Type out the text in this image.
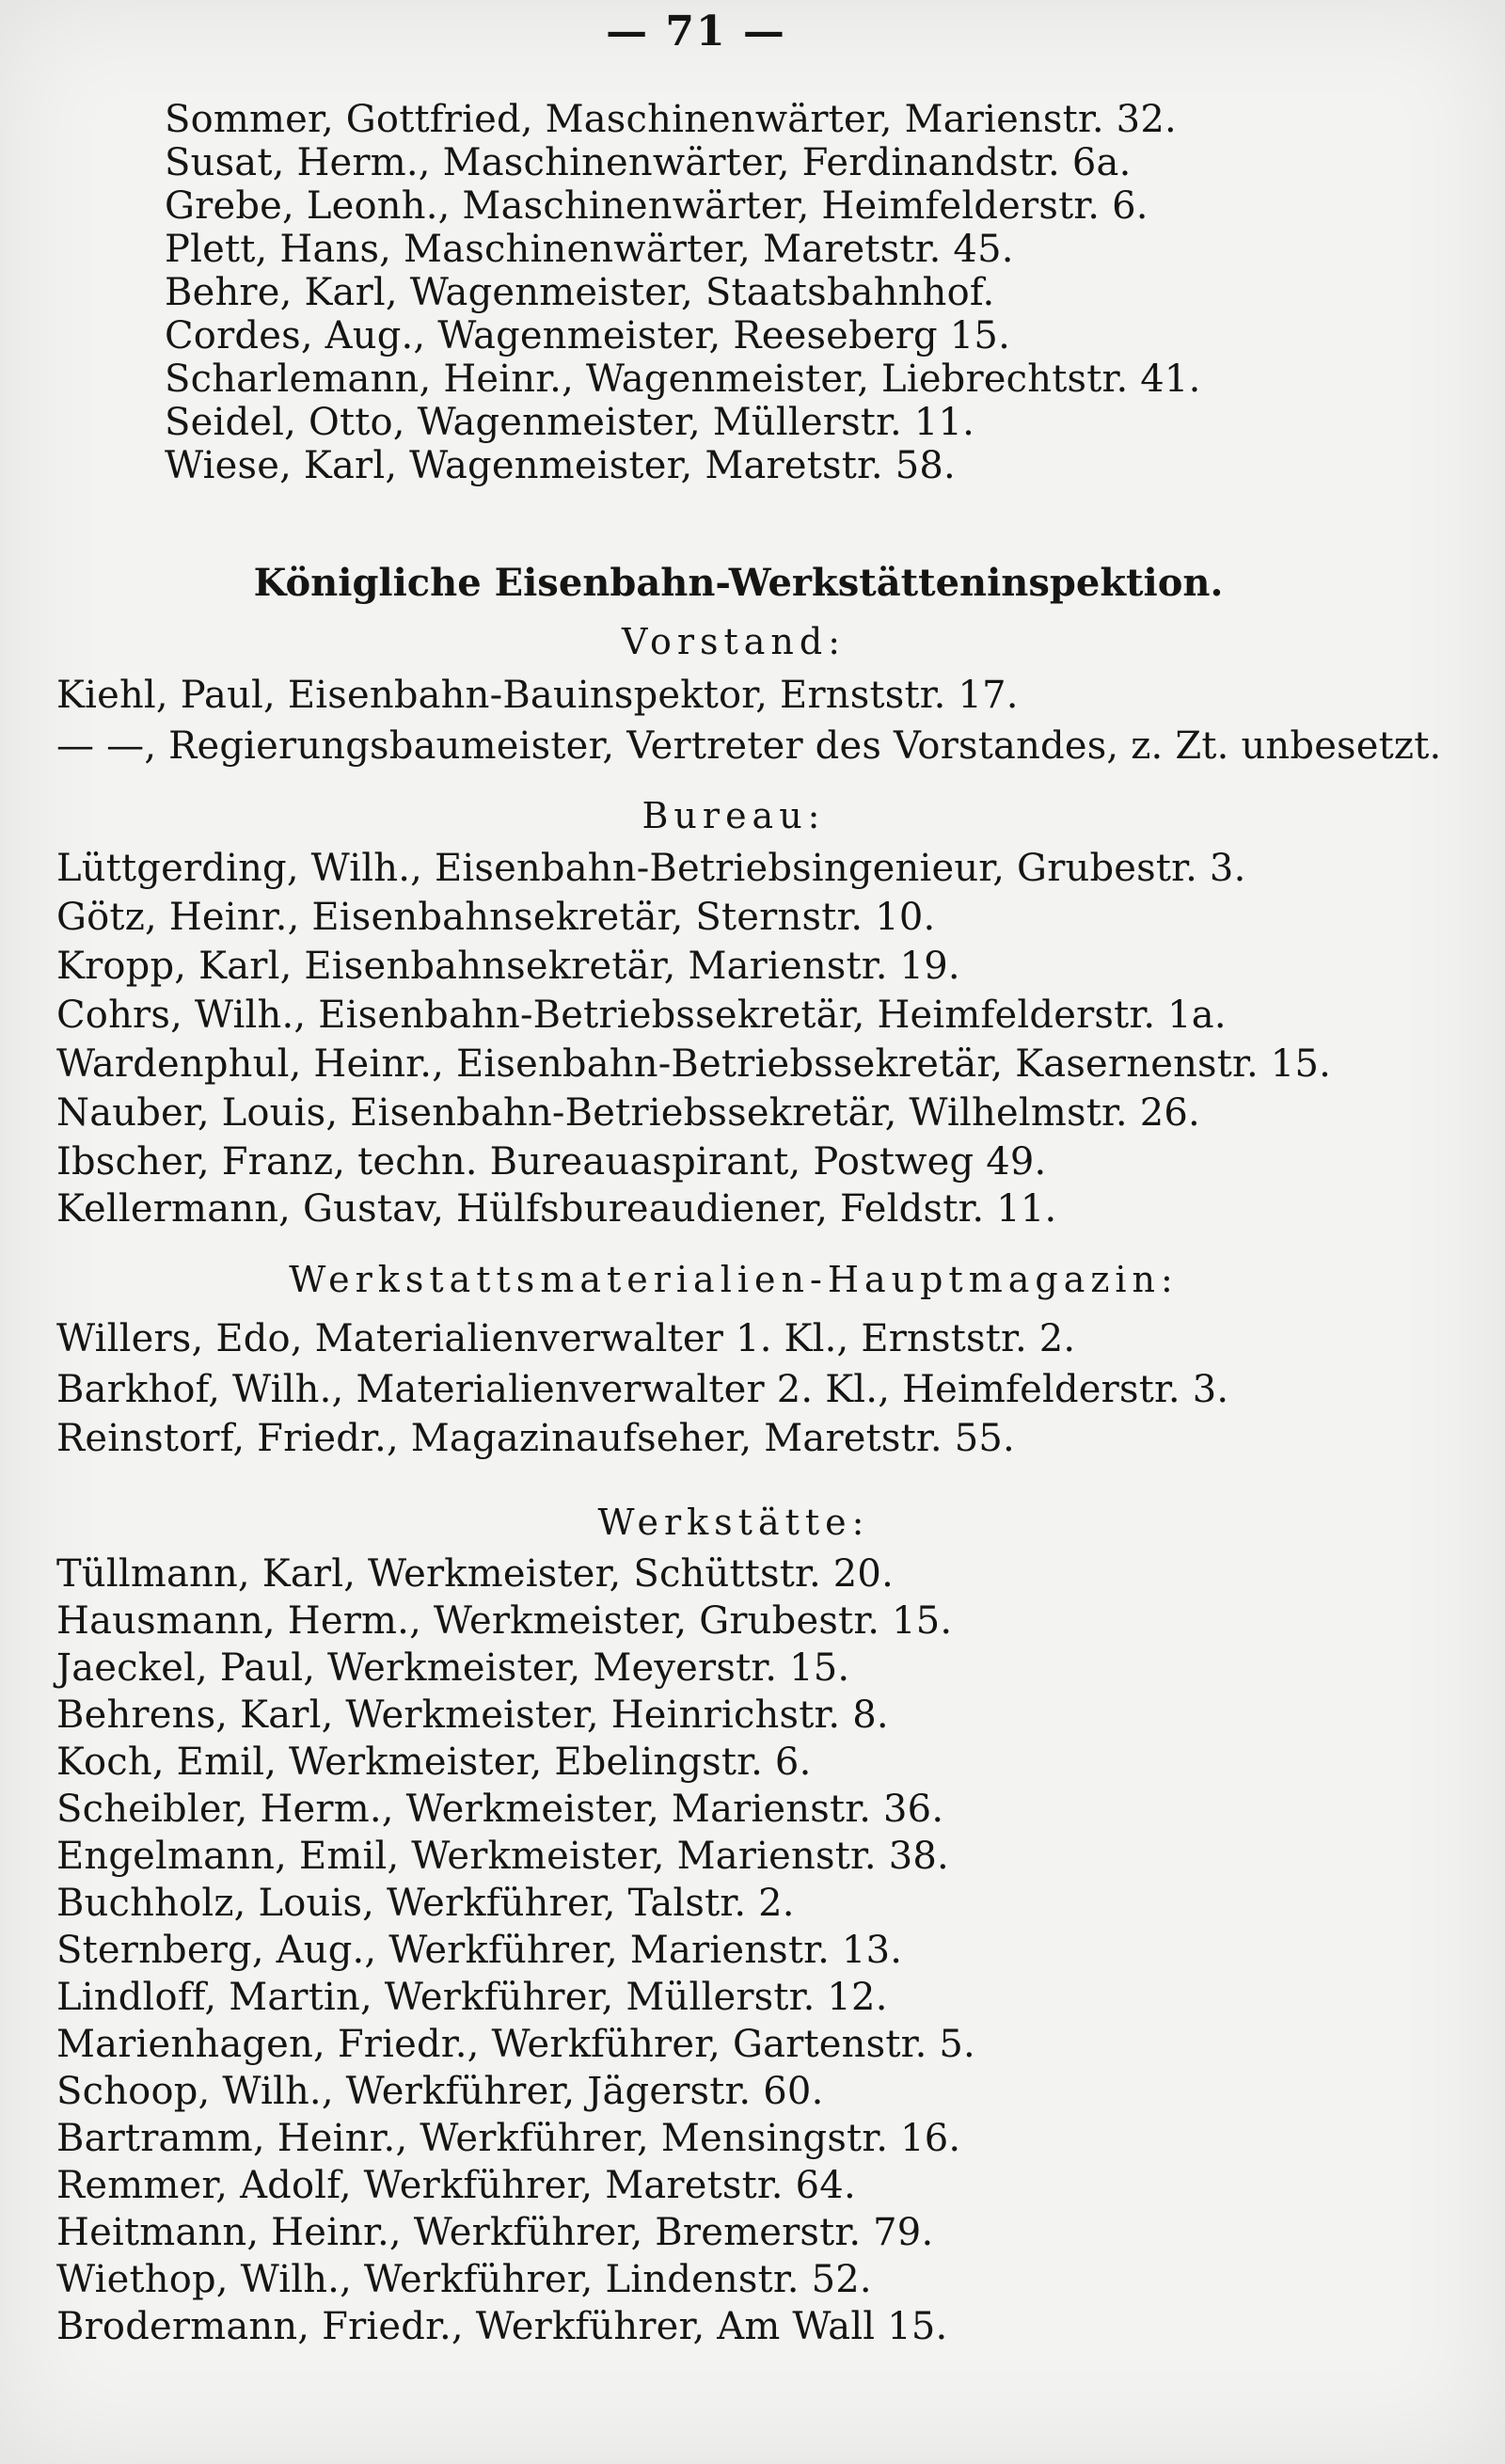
— 71 —
Sommer, Gottfried, Maschinenwärter, Marienstr. 32.
Susat, Herm., Maschinenwärter, Ferdinandstr. 6a.
Grebe, Leonh., Maschinenwärter, Heimfelderstr. 6.
Plett, Hans, Maschinenwärter, Maretstr. 45.
Behre, Karl, Wagenmeister, Staatsbahnhof.
Cordes, Aug., Wagenmeister, Reeseberg 15.
Scharlemann, Heinr., Wagenmeister, Liebrechtstr. 41.
Seidel, Otto, Wagenmeister, Müllerstr. 11.
Wiese, Karl, Wagenmeister, Maretstr. 58.
Königliche Eisenbahn-Werkstätteninspektion.
Vorstand:
Kiehl, Paul, Eisenbahn-Bauinspektor, Ernststr. 17.
— —, Regierungsbaumeister, Vertreter des Vorstandes, z. Zt. unbesetzt.
Bureau:
Lüttgerding, Wilh., Eisenbahn-Betriebsingenieur, Grubestr. 3.
Götz, Heinr., Eisenbahnsekretär, Sternstr. 10.
Kropp, Karl, Eisenbahnsekretär, Marienstr. 19.
Cohrs, Wilh., Eisenbahn-Betriebssekretär, Heimfelderstr. 1a.
Wardenphul, Heinr., Eisenbahn-Betriebssekretär, Kasernenstr. 15.
Nauber, Louis, Eisenbahn-Betriebssekretär, Wilhelmstr. 26.
Ibscher, Franz, techn. Bureauaspirant, Postweg 49.
Kellermann, Gustav, Hülfsbureaudiener, Feldstr. 11.
Werkstattsmaterialien-Hauptmagazin:
Willers, Edo, Materialienverwalter 1. Kl., Ernststr. 2.
Barkhof, Wilh., Materialienverwalter 2. Kl., Heimfelderstr. 3.
Reinstorf, Friedr., Magazinaufseher, Maretstr. 55.
Werkstätte:
Tüllmann, Karl, Werkmeister, Schüttstr. 20.
Hausmann, Herm., Werkmeister, Grubestr. 15.
Jaeckel, Paul, Werkmeister, Meyerstr. 15.
Behrens, Karl, Werkmeister, Heinrichstr. 8.
Koch, Emil, Werkmeister, Ebelingstr. 6.
Scheibler, Herm., Werkmeister, Marienstr. 36.
Engelmann, Emil, Werkmeister, Marienstr. 38.
Buchholz, Louis, Werkführer, Talstr. 2.
Sternberg, Aug., Werkführer, Marienstr. 13.
Lindloff, Martin, Werkführer, Müllerstr. 12.
Marienhagen, Friedr., Werkführer, Gartenstr. 5.
Schoop, Wilh., Werkführer, Jägerstr. 60.
Bartramm, Heinr., Werkführer, Mensingstr. 16.
Remmer, Adolf, Werkführer, Maretstr. 64.
Heitmann, Heinr., Werkführer, Bremerstr. 79.
Wiethop, Wilh., Werkführer, Lindenstr. 52.
Brodermann, Friedr., Werkführer, Am Wall 15.
